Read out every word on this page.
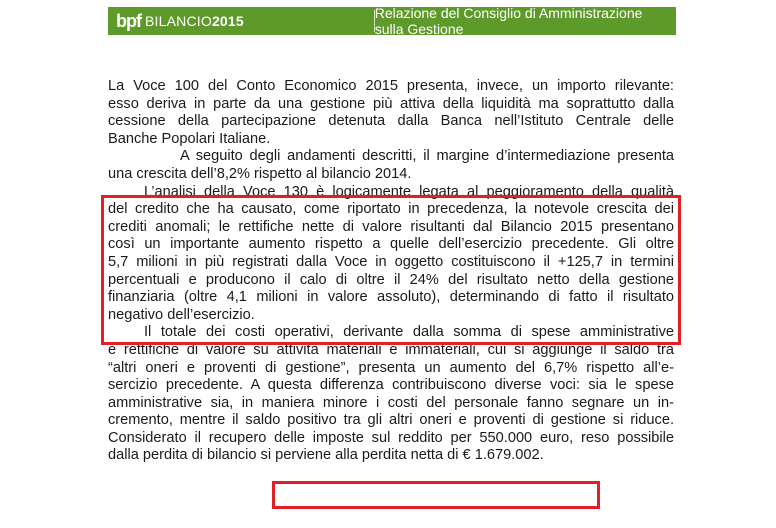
bpf BILANCIO2015	Relazione del Consiglio di Amministrazione sulla Gestione

La Voce 100 del Conto Economico 2015 presenta, invece, un importo rilevante:
esso deriva in parte da una gestione più attiva della liquidità ma soprattutto dalla
cessione della partecipazione detenuta dalla Banca nell’Istituto Centrale delle
Banche Popolari Italiane.

A seguito degli andamenti descritti, il margine d’intermediazione presenta
una crescita dell’8,2% rispetto al bilancio 2014.

L’analisi della Voce 130 è logicamente legata al peggioramento della qualità
del credito che ha causato, come riportato in precedenza, la notevole crescita dei
crediti anomali; le rettifiche nette di valore risultanti dal Bilancio 2015 presentano
così un importante aumento rispetto a quelle dell’esercizio precedente. Gli oltre
5,7 milioni in più registrati dalla Voce in oggetto costituiscono il +125,7 in termini
percentuali e producono il calo di oltre il 24% del risultato netto della gestione
finanziaria (oltre 4,1 milioni in valore assoluto), determinando di fatto il risultato
negativo dell’esercizio.

Il totale dei costi operativi, derivante dalla somma di spese amministrative
e rettifiche di valore su attività materiali e immateriali, cui si aggiunge il saldo tra
“altri oneri e proventi di gestione”, presenta un aumento del 6,7% rispetto all’e-
sercizio precedente. A questa differenza contribuiscono diverse voci: sia le spese
amministrative sia, in maniera minore i costi del personale fanno segnare un in-
cremento, mentre il saldo positivo tra gli altri oneri e proventi di gestione si riduce.
Considerato il recupero delle imposte sul reddito per 550.000 euro, reso possibile
dalla perdita di bilancio si perviene alla perdita netta di € 1.679.002.
